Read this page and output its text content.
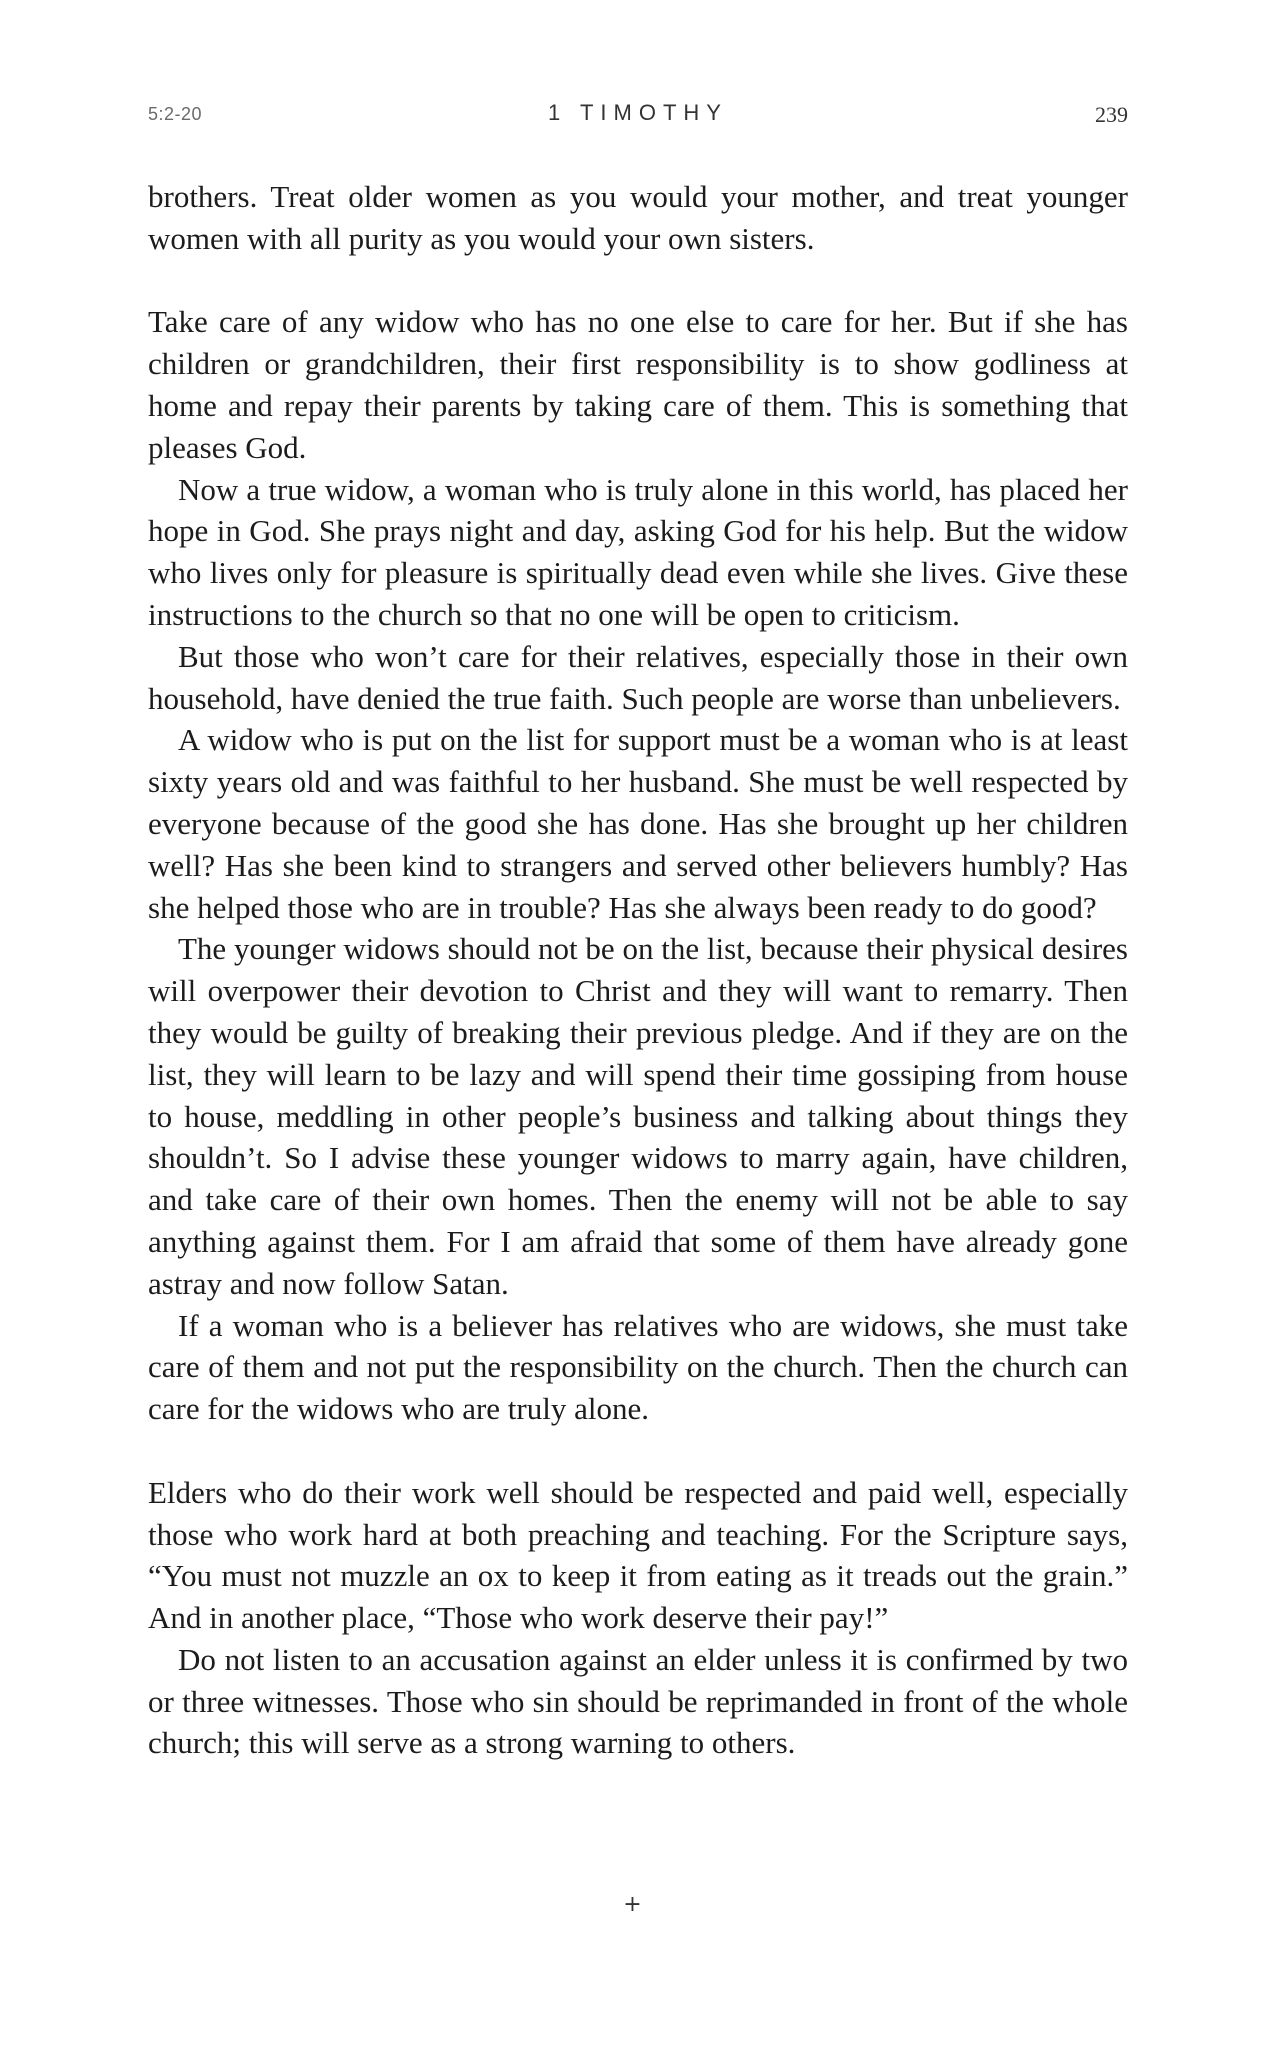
5:2-20	1 TIMOTHY	239

brothers. Treat older women as you would your mother, and treat younger women with all purity as you would your own sisters.

Take care of any widow who has no one else to care for her. But if she has children or grandchildren, their first responsibility is to show godliness at home and repay their parents by taking care of them. This is something that pleases God.

Now a true widow, a woman who is truly alone in this world, has placed her hope in God. She prays night and day, asking God for his help. But the widow who lives only for pleasure is spiritually dead even while she lives. Give these instructions to the church so that no one will be open to criticism.

But those who won’t care for their relatives, especially those in their own household, have denied the true faith. Such people are worse than unbelievers.

A widow who is put on the list for support must be a woman who is at least sixty years old and was faithful to her husband. She must be well respected by everyone because of the good she has done. Has she brought up her children well? Has she been kind to strangers and served other believers humbly? Has she helped those who are in trouble? Has she always been ready to do good?

The younger widows should not be on the list, because their physical desires will overpower their devotion to Christ and they will want to remarry. Then they would be guilty of breaking their previous pledge. And if they are on the list, they will learn to be lazy and will spend their time gossiping from house to house, meddling in other people’s business and talking about things they shouldn’t. So I advise these younger widows to marry again, have children, and take care of their own homes. Then the enemy will not be able to say anything against them. For I am afraid that some of them have already gone astray and now follow Satan.

If a woman who is a believer has relatives who are widows, she must take care of them and not put the responsibility on the church. Then the church can care for the widows who are truly alone.

Elders who do their work well should be respected and paid well, especially those who work hard at both preaching and teaching. For the Scripture says, “You must not muzzle an ox to keep it from eating as it treads out the grain.” And in another place, “Those who work deserve their pay!”

Do not listen to an accusation against an elder unless it is confirmed by two or three witnesses. Those who sin should be reprimanded in front of the whole church; this will serve as a strong warning to others.

+
